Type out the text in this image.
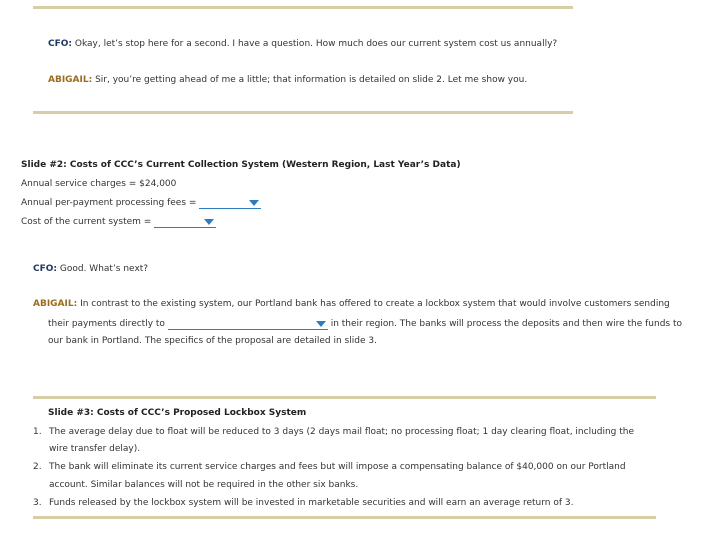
CFO: Okay, let’s stop here for a second. I have a question. How much does our current system cost us annually?
ABIGAIL: Sir, you’re getting ahead of me a little; that information is detailed on slide 2. Let me show you.
Slide #2: Costs of CCC’s Current Collection System (Western Region, Last Year’s Data)
Annual service charges = $24,000
Annual per-payment processing fees =
Cost of the current system =
CFO: Good. What’s next?
ABIGAIL: In contrast to the existing system, our Portland bank has offered to create a lockbox system that would involve customers sending
their payments directly to	in their region. The banks will process the deposits and then wire the funds to
our bank in Portland. The specifics of the proposal are detailed in slide 3.
Slide #3: Costs of CCC’s Proposed Lockbox System
1. The average delay due to float will be reduced to 3 days (2 days mail float; no processing float; 1 day clearing float, including the
wire transfer delay).
2. The bank will eliminate its current service charges and fees but will impose a compensating balance of $40,000 on our Portland
account. Similar balances will not be required in the other six banks.
3. Funds released by the lockbox system will be invested in marketable securities and will earn an average return of 3.
